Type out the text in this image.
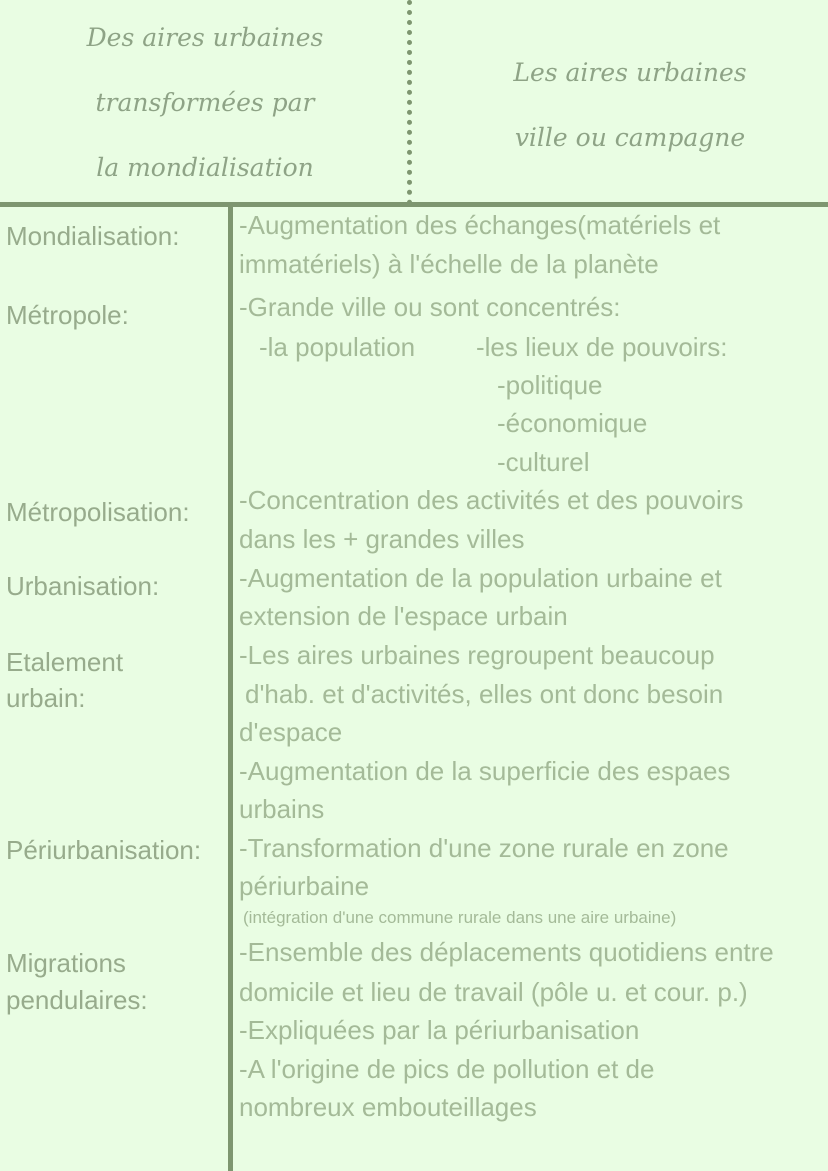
Des aires urbaines
transformées par
la mondialisation
Les aires urbaines
ville ou campagne
Mondialisation: -Augmentation des échanges(matériels et
immatériels) à l'échelle de la planète
Métropole:	-Grande ville ou sont concentrés:
-la population -les lieux de pouvoirs:
-politique
-économique
-culturel
Métropolisation: -Concentration des activités et des pouvoirs
dans les + grandes villes
Urbanisation:	-Augmentation de la population urbaine et
extension de l'espace urbain
Etalement
urbain:
-Les aires urbaines regroupent beaucoup
d'hab. et d'activités, elles ont donc besoin
d'espace
-Augmentation de la superficie des espaes
urbains
Périurbanisation: -Transformation d'une zone rurale en zone
périurbaine
(intégration d'une commune rurale dans une aire urbaine)
Migrations
pendulaires:
-Ensemble des déplacements quotidiens entre
domicile et lieu de travail (pôle u. et cour. p.)
-Expliquées par la périurbanisation
-A l'origine de pics de pollution et de
nombreux embouteillages
